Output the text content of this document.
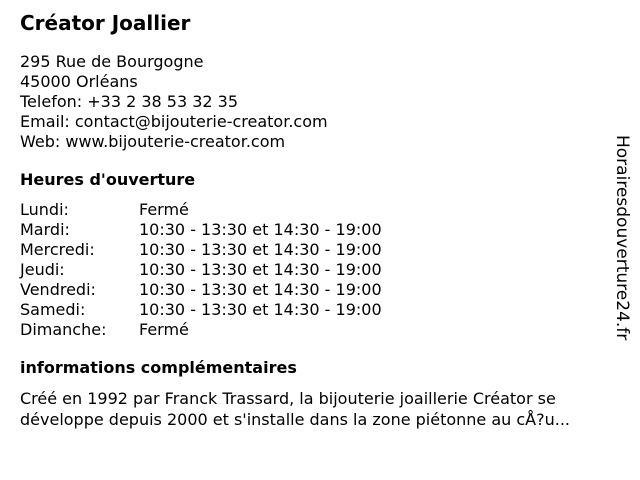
Créator Joallier
295 Rue de Bourgogne
45000 Orléans
Telefon: +33 2 38 53 32 35
Email: contact@bijouterie-creator.com
Web: www.bijouterie-creator.com
Heures d'ouverture
Lundi:	Fermé
Mardi:	10:30 - 13:30 et 14:30 - 19:00
Mercredi:	10:30 - 13:30 et 14:30 - 19:00
Jeudi:	10:30 - 13:30 et 14:30 - 19:00
Vendredi:	10:30 - 13:30 et 14:30 - 19:00
Samedi:	10:30 - 13:30 et 14:30 - 19:00
Dimanche:	Fermé
informations complémentaires
Créé en 1992 par Franck Trassard, la bijouterie joaillerie Créator se
développe depuis 2000 et s'installe dans la zone piétonne au cÅ?u...
Horairesdouverture24.fr
